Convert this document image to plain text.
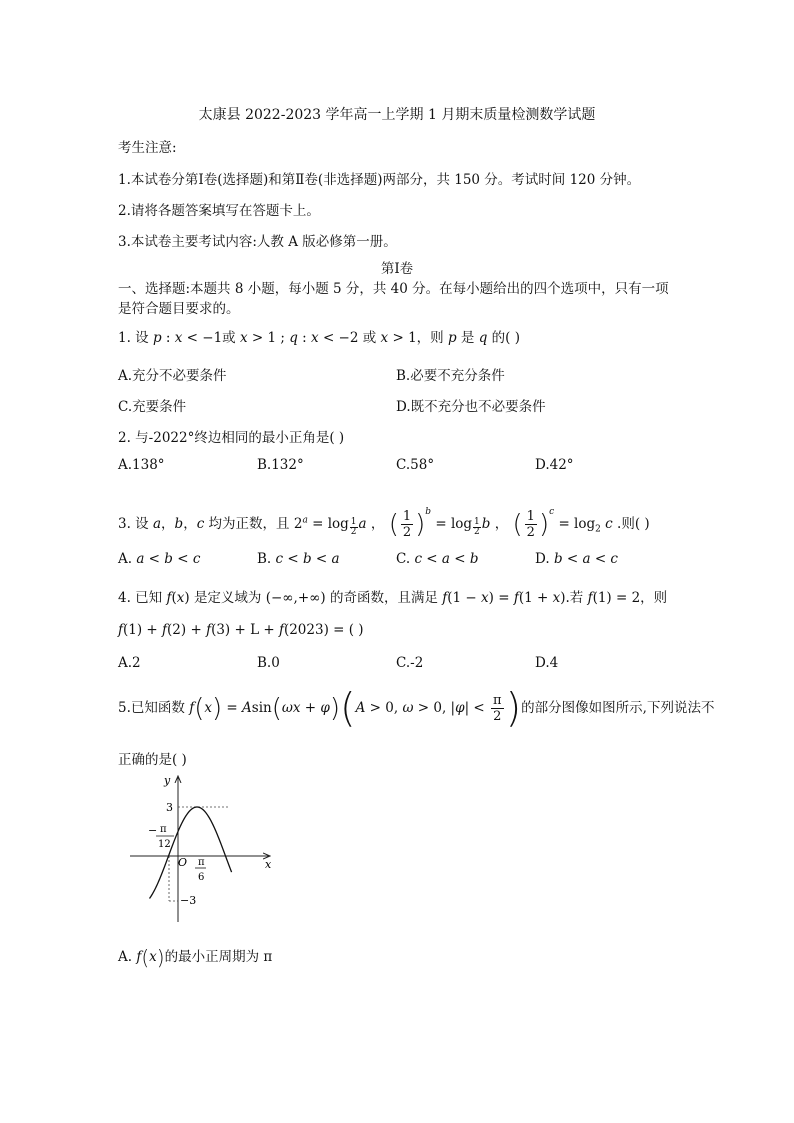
太康县 2022-2023 学年高一上学期 1 月期末质量检测数学试题
考生注意:
1.本试卷分第Ⅰ卷(选择题)和第Ⅱ卷(非选择题)两部分，共 150 分。考试时间 120 分钟。
2.请将各题答案填写在答题卡上。
3.本试卷主要考试内容:人教 A 版必修第一册。
第Ⅰ卷
一、选择题:本题共 8 小题，每小题 5 分，共 40 分。在每小题给出的四个选项中，只有一项
是符合题目要求的。
1. 设 p : x < −1或 x > 1 ; q : x < −2 或 x > 1，则 p 是 q 的( )
A.充分不必要条件	B.必要不充分条件
C.充要条件	D.既不充分也不必要条件
2. 与-2022°终边相同的最小正角是( )
A.138°	B.132°	C.58°	D.42°
3. 设 a，b，c 均为正数，且 $2^a = \log \frac{1}{2}$ a ， ( $\frac{1}{2} )^b = \log \frac{1}{2}$ b ， ( $\frac{1}{2} )^c = \log_2 c$ .则( )
A. a < b < c	B. c < b < a	C. c < a < b	D. b < a < c
4. 已知 f(x) 是定义域为 (−∞,+∞) 的奇函数，且满足 f(1 − x) = f(1 + x).若 f(1) = 2，则
f(1) + f(2) + f(3) + L + f(2023) = ( )
A.2	B.0	C.-2	D.4
5.已知函数 f(x) = Asin(ωx + φ)(A > 0, ω > 0, $|\varphi| < \frac{\pi}{2}$ )的部分图像如图所示,下列说法不
正确的是( )
y
x
O
3
−3
− π
12
π
6
A. f(x)的最小正周期为 π
